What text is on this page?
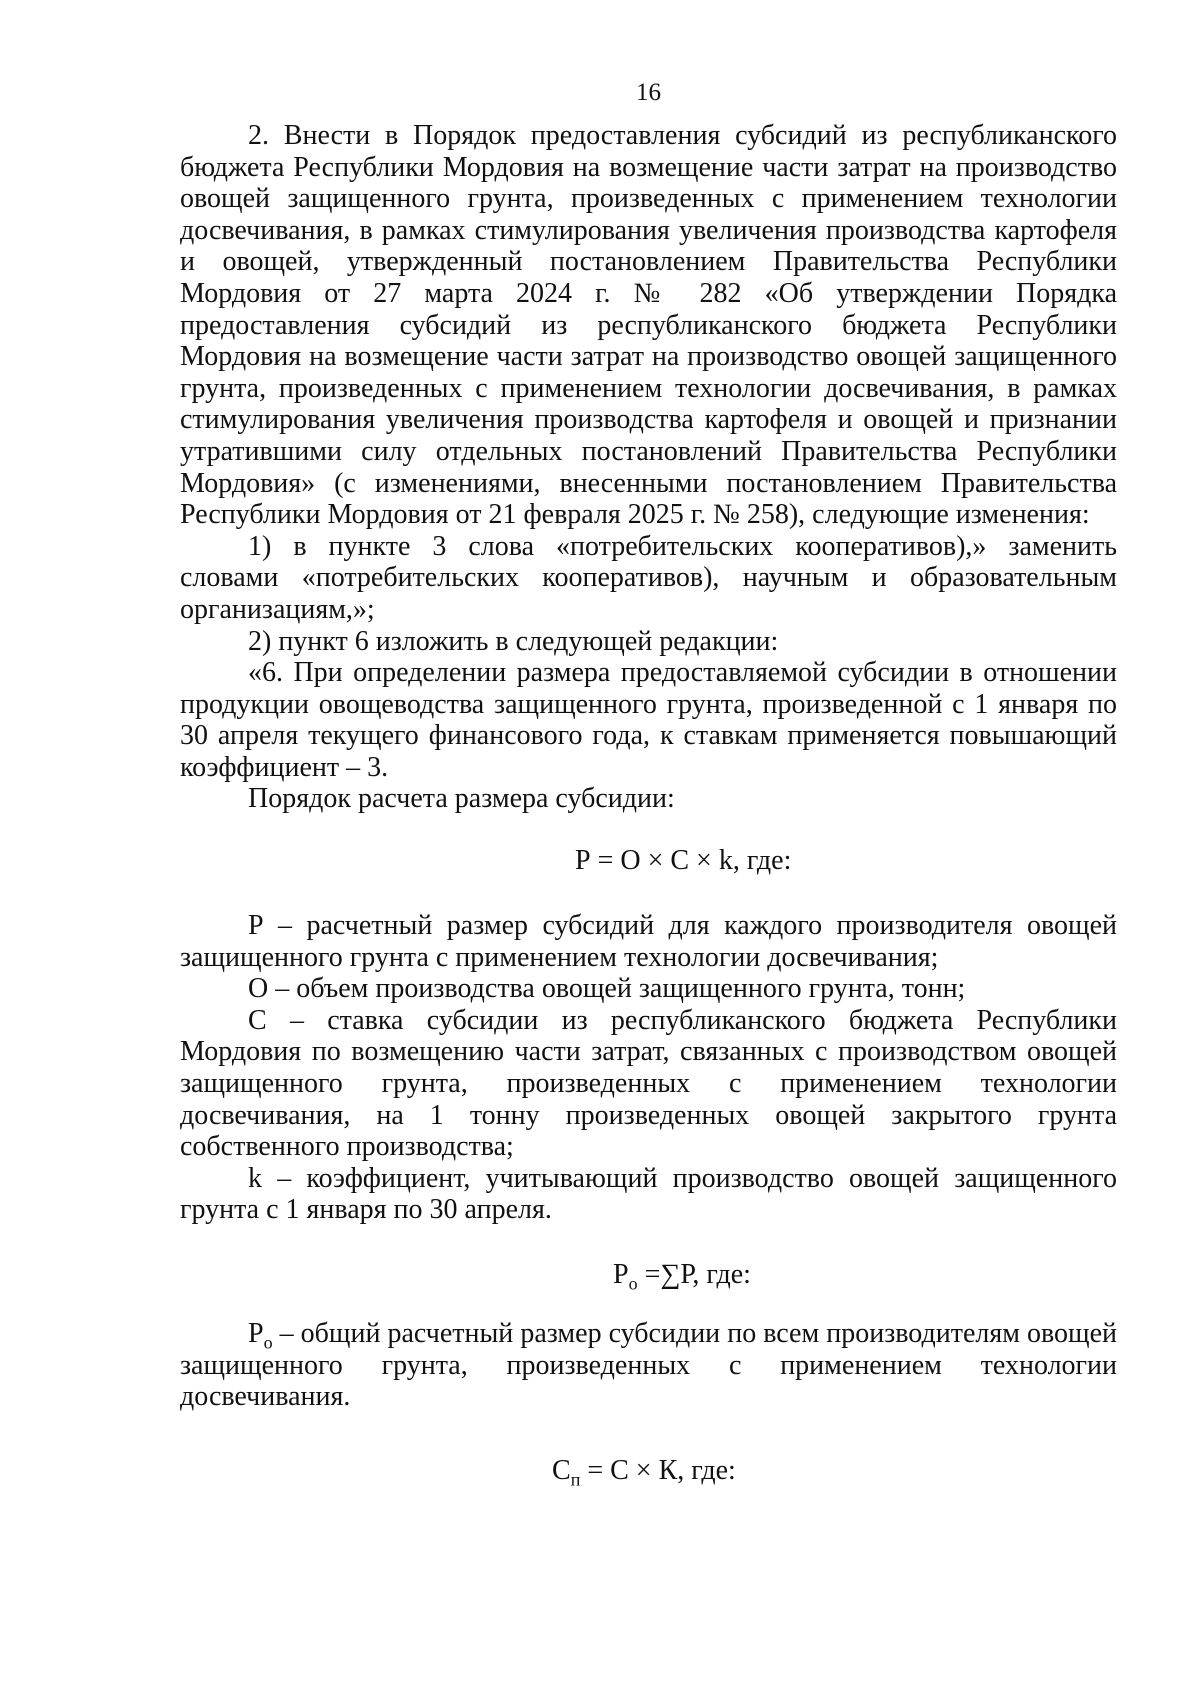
16

2. Внести в Порядок предоставления субсидий из республиканского бюджета Республики Мордовия на возмещение части затрат на производство овощей защищенного грунта, произведенных с применением технологии досвечивания, в рамках стимулирования увеличения производства картофеля и овощей, утвержденный постановлением Правительства Республики Мордовия от 27 марта 2024 г. № 282 «Об утверждении Порядка предоставления субсидий из республиканского бюджета Республики Мордовия на возмещение части затрат на производство овощей защищенного грунта, произведенных с применением технологии досвечивания, в рамках стимулирования увеличения производства картофеля и овощей и признании утратившими силу отдельных постановлений Правительства Республики Мордовия» (с изменениями, внесенными постановлением Правительства Республики Мордовия от 21 февраля 2025 г. № 258), следующие изменения:

1) в пункте 3 слова «потребительских кооперативов),» заменить словами «потребительских кооперативов), научным и образовательным организациям,»;

2) пункт 6 изложить в следующей редакции:

«6. При определении размера предоставляемой субсидии в отношении продукции овощеводства защищенного грунта, произведенной с 1 января по 30 апреля текущего финансового года, к ставкам применяется повышающий коэффициент – 3.

Порядок расчета размера субсидии:

Р = О × С × k, где:

Р – расчетный размер субсидий для каждого производителя овощей защищенного грунта с применением технологии досвечивания;

О – объем производства овощей защищенного грунта, тонн;

С – ставка субсидии из республиканского бюджета Республики Мордовия по возмещению части затрат, связанных с производством овощей защищенного грунта, произведенных с применением технологии досвечивания, на 1 тонну произведенных овощей закрытого грунта собственного производства;

k – коэффициент, учитывающий производство овощей защищенного грунта с 1 января по 30 апреля.

$Р_о =\sum Р$, где:

$Р_о$ – общий расчетный размер субсидии по всем производителям овощей защищенного грунта, произведенных с применением технологии досвечивания.

$С_п = С \times К$, где:
